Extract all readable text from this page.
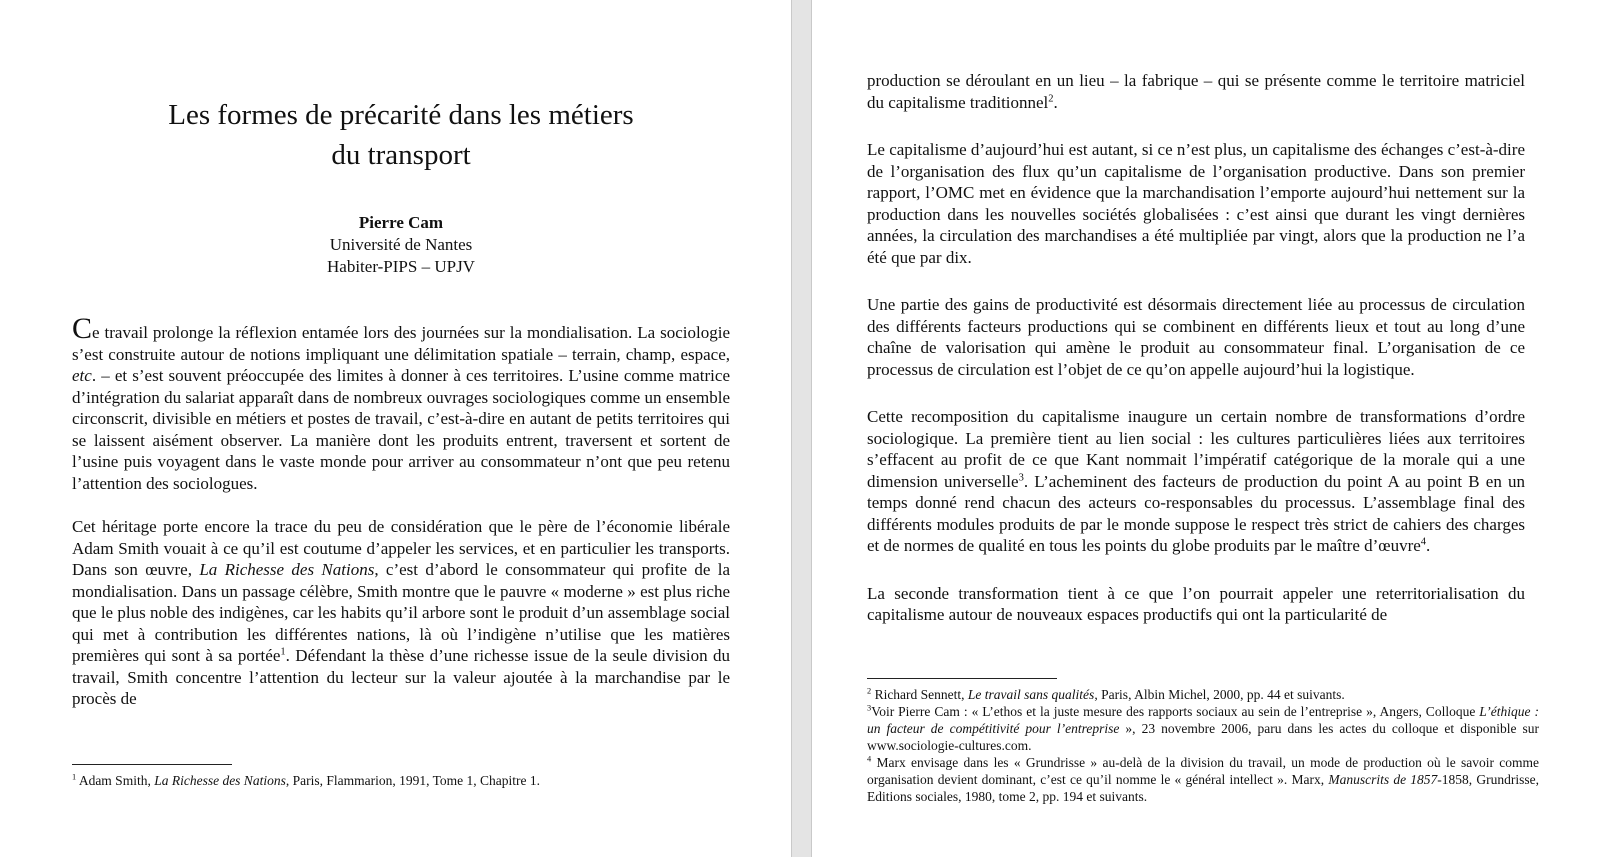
Les formes de précarité dans les métiers
du transport
Pierre Cam
Université de Nantes
Habiter-PIPS – UPJV

Ce travail prolonge la réflexion entamée lors des journées sur la mondialisation. La sociologie s’est construite autour de notions impliquant une délimitation spatiale – terrain, champ, espace, etc. – et s’est souvent préoccupée des limites à donner à ces territoires. L’usine comme matrice d’intégration du salariat apparaît dans de nombreux ouvrages sociologiques comme un ensemble circonscrit, divisible en métiers et postes de travail, c’est-à-dire en autant de petits territoires qui se laissent aisément observer. La manière dont les produits entrent, traversent et sortent de l’usine puis voyagent dans le vaste monde pour arriver au consommateur n’ont que peu retenu l’attention des sociologues.

Cet héritage porte encore la trace du peu de considération que le père de l’économie libérale Adam Smith vouait à ce qu’il est coutume d’appeler les services, et en particulier les transports. Dans son œuvre, La Richesse des Nations, c’est d’abord le consommateur qui profite de la mondialisation. Dans un passage célèbre, Smith montre que le pauvre « moderne » est plus riche que le plus noble des indigènes, car les habits qu’il arbore sont le produit d’un assemblage social qui met à contribution les différentes nations, là où l’indigène n’utilise que les matières premières qui sont à sa portée$^1$. Défendant la thèse d’une richesse issue de la seule division du travail, Smith concentre l’attention du lecteur sur la valeur ajoutée à la marchandise par le procès de

$^1$ Adam Smith, La Richesse des Nations, Paris, Flammarion, 1991, Tome 1, Chapitre 1.

production se déroulant en un lieu – la fabrique – qui se présente comme le territoire matriciel du capitalisme traditionnel$^2$.

Le capitalisme d’aujourd’hui est autant, si ce n’est plus, un capitalisme des échanges c’est-à-dire de l’organisation des flux qu’un capitalisme de l’organisation productive. Dans son premier rapport, l’OMC met en évidence que la marchandisation l’emporte aujourd’hui nettement sur la production dans les nouvelles sociétés globalisées : c’est ainsi que durant les vingt dernières années, la circulation des marchandises a été multipliée par vingt, alors que la production ne l’a été que par dix.

Une partie des gains de productivité est désormais directement liée au processus de circulation des différents facteurs productions qui se combinent en différents lieux et tout au long d’une chaîne de valorisation qui amène le produit au consommateur final. L’organisation de ce processus de circulation est l’objet de ce qu’on appelle aujourd’hui la logistique.

Cette recomposition du capitalisme inaugure un certain nombre de transformations d’ordre sociologique. La première tient au lien social : les cultures particulières liées aux territoires s’effacent au profit de ce que Kant nommait l’impératif catégorique de la morale qui a une dimension universelle$^3$. L’acheminent des facteurs de production du point A au point B en un temps donné rend chacun des acteurs co-responsables du processus. L’assemblage final des différents modules produits de par le monde suppose le respect très strict de cahiers des charges et de normes de qualité en tous les points du globe produits par le maître d’œuvre$^4$.

La seconde transformation tient à ce que l’on pourrait appeler une reterritorialisation du capitalisme autour de nouveaux espaces productifs qui ont la particularité de

$^2$ Richard Sennett, Le travail sans qualités, Paris, Albin Michel, 2000, pp. 44 et suivants.

$^3$Voir Pierre Cam : « L’ethos et la juste mesure des rapports sociaux au sein de l’entreprise », Angers, Colloque L’éthique : un facteur de compétitivité pour l’entreprise », 23 novembre 2006, paru dans les actes du colloque et disponible sur www.sociologie-cultures.com.

$^4$ Marx envisage dans les « Grundrisse » au-delà de la division du travail, un mode de production où le savoir comme organisation devient dominant, c’est ce qu’il nomme le « général intellect ». Marx, Manuscrits de 1857-1858, Grundrisse, Editions sociales, 1980, tome 2, pp. 194 et suivants.
